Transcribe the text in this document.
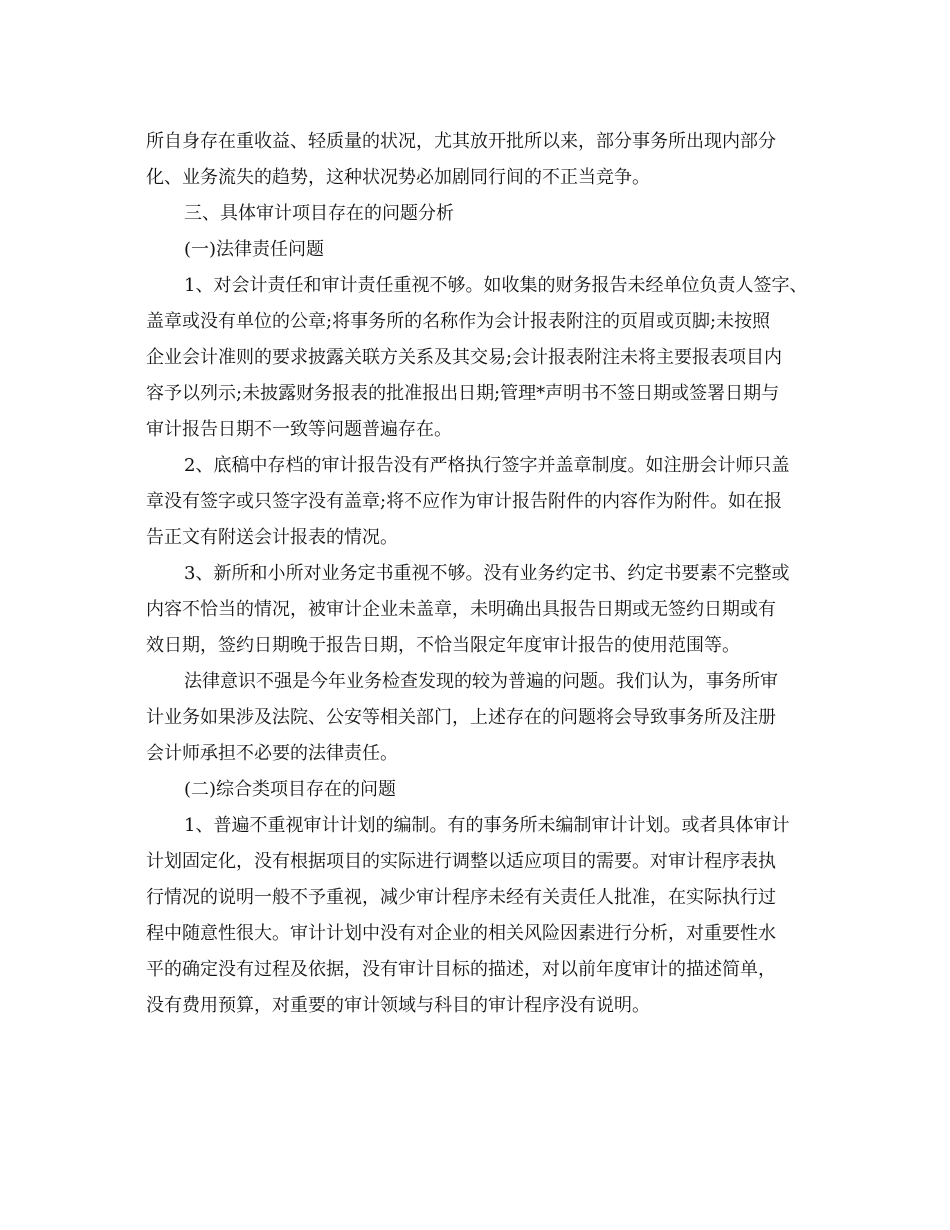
所自身存在重收益、轻质量的状况，尤其放开批所以来，部分事务所出现内部分
化、业务流失的趋势，这种状况势必加剧同行间的不正当竞争。
三、具体审计项目存在的问题分析
(一)法律责任问题
1、对会计责任和审计责任重视不够。如收集的财务报告未经单位负责人签字、
盖章或没有单位的公章;将事务所的名称作为会计报表附注的页眉或页脚;未按照
企业会计准则的要求披露关联方关系及其交易;会计报表附注未将主要报表项目内
容予以列示;未披露财务报表的批准报出日期;管理*声明书不签日期或签署日期与
审计报告日期不一致等问题普遍存在。
2、底稿中存档的审计报告没有严格执行签字并盖章制度。如注册会计师只盖
章没有签字或只签字没有盖章;将不应作为审计报告附件的内容作为附件。如在报
告正文有附送会计报表的情况。
3、新所和小所对业务定书重视不够。没有业务约定书、约定书要素不完整或
内容不恰当的情况，被审计企业未盖章，未明确出具报告日期或无签约日期或有
效日期，签约日期晚于报告日期，不恰当限定年度审计报告的使用范围等。
法律意识不强是今年业务检查发现的较为普遍的问题。我们认为，事务所审
计业务如果涉及法院、公安等相关部门，上述存在的问题将会导致事务所及注册
会计师承担不必要的法律责任。
(二)综合类项目存在的问题
1、普遍不重视审计计划的编制。有的事务所未编制审计计划。或者具体审计
计划固定化，没有根据项目的实际进行调整以适应项目的需要。对审计程序表执
行情况的说明一般不予重视，减少审计程序未经有关责任人批准，在实际执行过
程中随意性很大。审计计划中没有对企业的相关风险因素进行分析，对重要性水
平的确定没有过程及依据，没有审计目标的描述，对以前年度审计的描述简单，
没有费用预算，对重要的审计领域与科目的审计程序没有说明。
